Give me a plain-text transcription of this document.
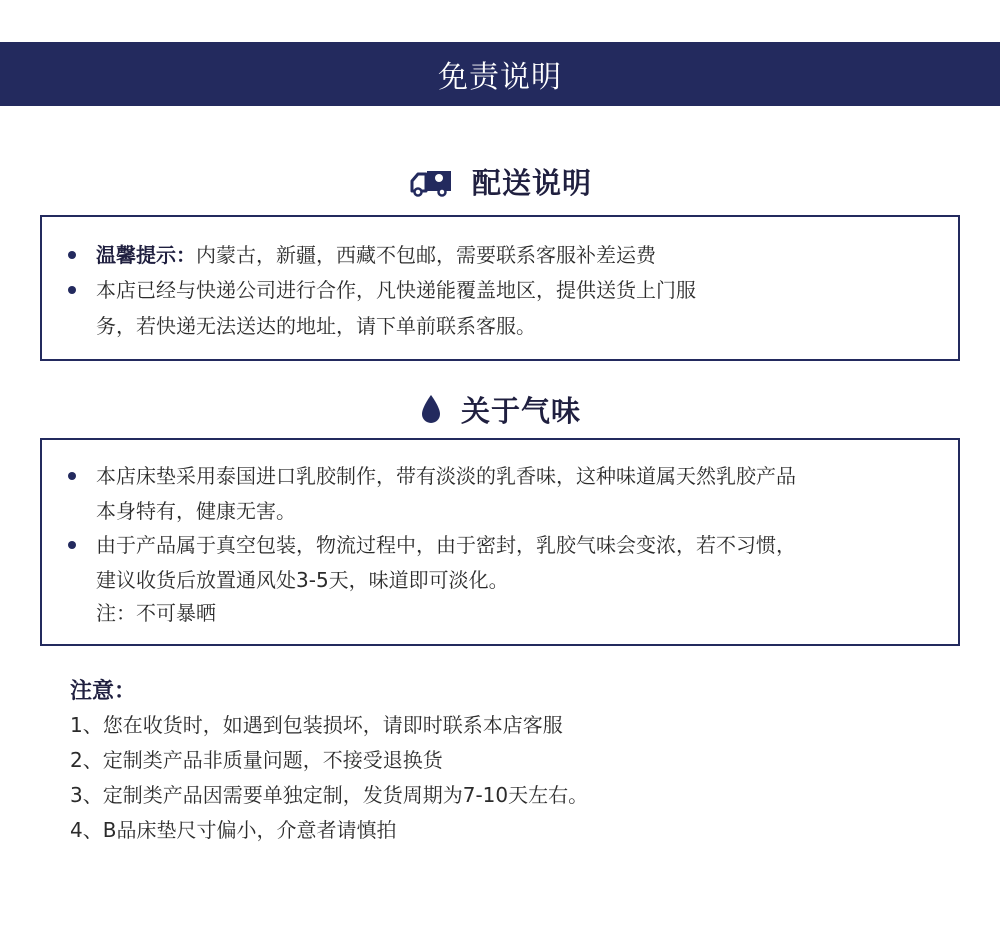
免责说明
配送说明
温馨提示：内蒙古，新疆，西藏不包邮，需要联系客服补差运费
本店已经与快递公司进行合作，凡快递能覆盖地区，提供送货上门服
务，若快递无法送达的地址，请下单前联系客服。
关于气味
本店床垫采用泰国进口乳胶制作，带有淡淡的乳香味，这种味道属天然乳胶产品
本身特有，健康无害。
由于产品属于真空包装，物流过程中，由于密封，乳胶气味会变浓，若不习惯，
建议收货后放置通风处3-5天，味道即可淡化。
注：不可暴晒
注意：
1、您在收货时，如遇到包装损坏，请即时联系本店客服
2、定制类产品非质量问题，不接受退换货
3、定制类产品因需要单独定制，发货周期为7-10天左右。
4、B品床垫尺寸偏小，介意者请慎拍
